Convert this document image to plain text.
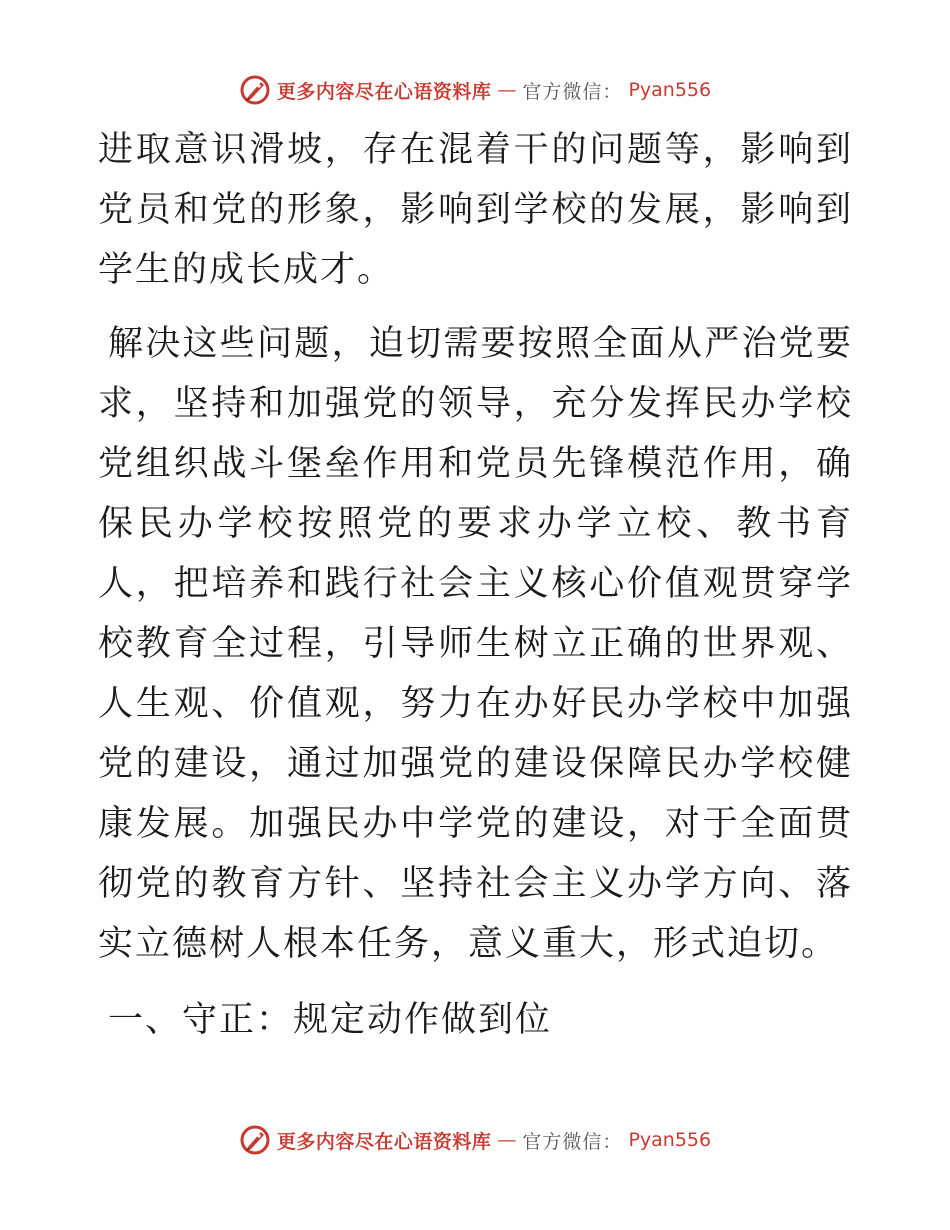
更多内容尽在心语资料库 — 官方微信： Pyan556

进取意识滑坡，存在混着干的问题等，影响到党员和党的形象，影响到学校的发展，影响到学生的成长成才。

解决这些问题，迫切需要按照全面从严治党要求，坚持和加强党的领导，充分发挥民办学校党组织战斗堡垒作用和党员先锋模范作用，确保民办学校按照党的要求办学立校、教书育人，把培养和践行社会主义核心价值观贯穿学校教育全过程，引导师生树立正确的世界观、人生观、价值观，努力在办好民办学校中加强党的建设，通过加强党的建设保障民办学校健康发展。加强民办中学党的建设，对于全面贯彻党的教育方针、坚持社会主义办学方向、落实立德树人根本任务，意义重大，形式迫切。

一、守正：规定动作做到位

更多内容尽在心语资料库 — 官方微信： Pyan556
